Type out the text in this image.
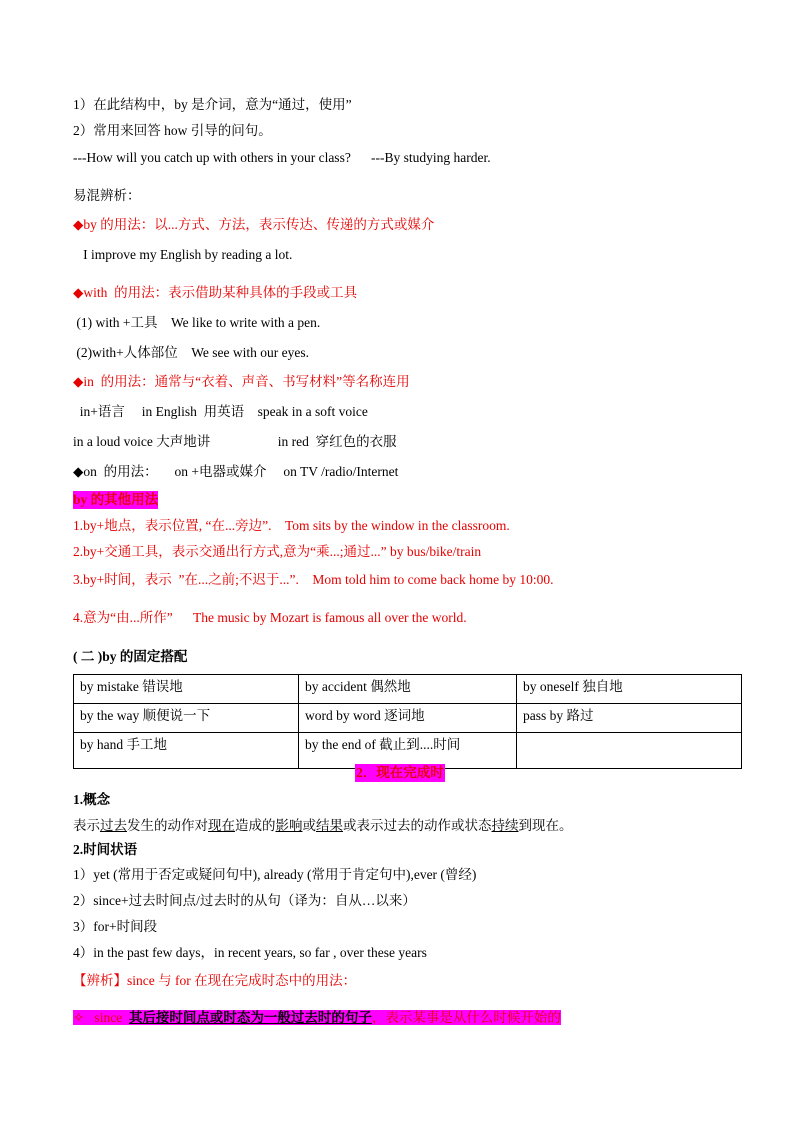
1）在此结构中，by 是介词，意为“通过，使用”
2）常用来回答 how 引导的问句。
---How will you catch up with others in your class?      ---By studying harder.
易混辨析：
◆by 的用法：以...方式、方法，表示传达、传递的方式或媒介
I improve my English by reading a lot.
◆with  的用法：表示借助某种具体的手段或工具
(1) with +工具    We like to write with a pen.
(2)with+人体部位    We see with our eyes.
◆in  的用法：通常与“衣着、声音、书写材料”等名称连用
in+语言     in English  用英语    speak in a soft voice
in a loud voice 大声地讲                    in red  穿红色的衣服
◆on  的用法：     on +电器或媒介     on TV /radio/Internet
by 的其他用法
1.by+地点，表示位置, “在...旁边”.    Tom sits by the window in the classroom.
2.by+交通工具，表示交通出行方式,意为“乘...;通过...” by bus/bike/train
3.by+时间，表示  ”在...之前;不迟于...”.    Mom told him to come back home by 10:00.
4.意为“由...所作”      The music by Mozart is famous all over the world.
( 二 )by 的固定搭配
by mistake 错误地	by accident 偶然地	by oneself 独自地
by the way 顺便说一下	word by word 逐词地	pass by 路过
by hand 手工地	by the end of 截止到....时间	
2．现在完成时
1.概念
表示过去发生的动作对现在造成的影响或结果或表示过去的动作或状态持续到现在。
2.时间状语
1）yet (常用于否定或疑问句中), already (常用于肯定句中),ever (曾经)
2）since+过去时间点/过去时的从句（译为：自从…以来）
3）for+时间段
4）in the past few days，in recent years, so far , over these years
【辨析】since 与 for 在现在完成时态中的用法：
✧   since  其后接时间点或时态为一般过去时的句子，表示某事是从什么时候开始的
